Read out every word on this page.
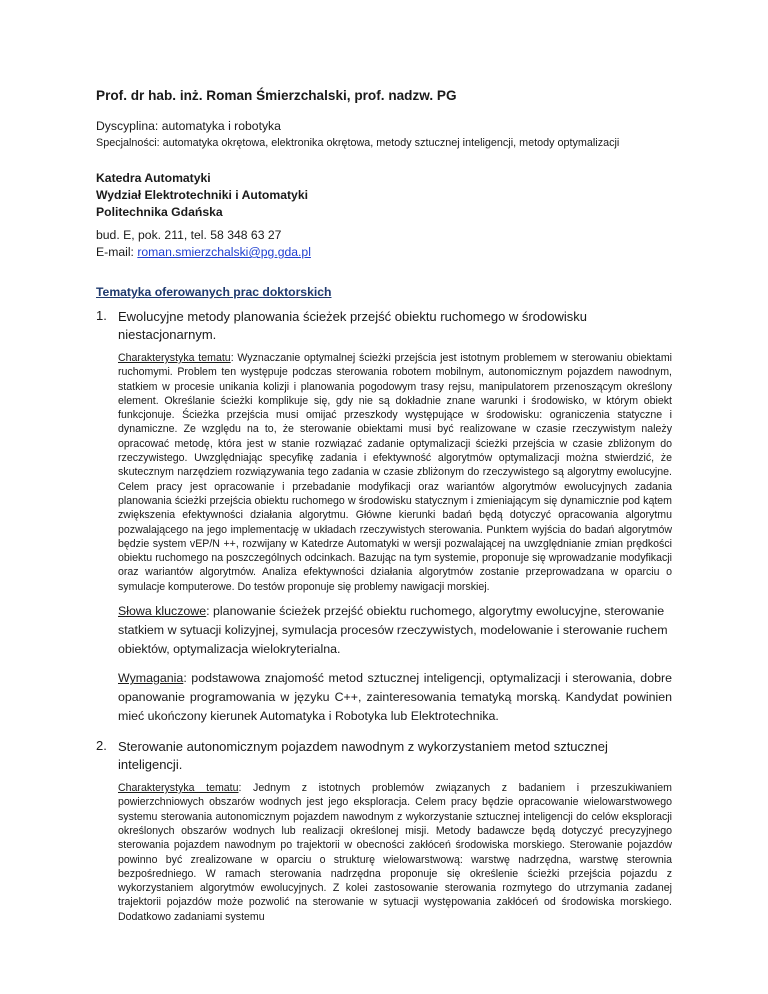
Prof. dr hab. inż. Roman Śmierzchalski, prof. nadzw. PG
Dyscyplina: automatyka i robotyka
Specjalności: automatyka okrętowa, elektronika okrętowa, metody sztucznej inteligencji, metody optymalizacji
Katedra Automatyki
Wydział Elektrotechniki i Automatyki
Politechnika Gdańska
bud. E, pok. 211, tel. 58 348 63 27
E-mail: roman.smierzchalski@pg.gda.pl
Tematyka oferowanych prac doktorskich
1. Ewolucyjne metody planowania ścieżek przejść obiektu ruchomego w środowisku niestacjonarnym.

Charakterystyka tematu: Wyznaczanie optymalnej ścieżki przejścia jest istotnym problemem w sterowaniu obiektami ruchomymi. Problem ten występuje podczas sterowania robotem mobilnym, autonomicznym pojazdem nawodnym, statkiem w procesie unikania kolizji i planowania pogodowym trasy rejsu, manipulatorem przenoszącym określony element. Określanie ścieżki komplikuje się, gdy nie są dokładnie znane warunki i środowisko, w którym obiekt funkcjonuje. Ścieżka przejścia musi omijać przeszkody występujące w środowisku: ograniczenia statyczne i dynamiczne. Ze względu na to, że sterowanie obiektami musi być realizowane w czasie rzeczywistym należy opracować metodę, która jest w stanie rozwiązać zadanie optymalizacji ścieżki przejścia w czasie zbliżonym do rzeczywistego. Uwzględniając specyfikę zadania i efektywność algorytmów optymalizacji można stwierdzić, że skutecznym narzędziem rozwiązywania tego zadania w czasie zbliżonym do rzeczywistego są algorytmy ewolucyjne. Celem pracy jest opracowanie i przebadanie modyfikacji oraz wariantów algorytmów ewolucyjnych zadania planowania ścieżki przejścia obiektu ruchomego w środowisku statycznym i zmieniającym się dynamicznie pod kątem zwiększenia efektywności działania algorytmu. Główne kierunki badań będą dotyczyć opracowania algorytmu pozwalającego na jego implementację w układach rzeczywistych sterowania. Punktem wyjścia do badań algorytmów będzie system vEP/N ++, rozwijany w Katedrze Automatyki w wersji pozwalającej na uwzględnianie zmian prędkości obiektu ruchomego na poszczególnych odcinkach. Bazując na tym systemie, proponuje się wprowadzanie modyfikacji oraz wariantów algorytmów. Analiza efektywności działania algorytmów zostanie przeprowadzana w oparciu o symulacje komputerowe. Do testów proponuje się problemy nawigacji morskiej.

Słowa kluczowe: planowanie ścieżek przejść obiektu ruchomego, algorytmy ewolucyjne, sterowanie statkiem w sytuacji kolizyjnej, symulacja procesów rzeczywistych, modelowanie i sterowanie ruchem obiektów, optymalizacja wielokryterialna.

Wymagania: podstawowa znajomość metod sztucznej inteligencji, optymalizacji i sterowania, dobre opanowanie programowania w języku C++, zainteresowania tematyką morską. Kandydat powinien mieć ukończony kierunek Automatyka i Robotyka lub Elektrotechnika.

2. Sterowanie autonomicznym pojazdem nawodnym z wykorzystaniem metod sztucznej inteligencji.

Charakterystyka tematu: Jednym z istotnych problemów związanych z badaniem i przeszukiwaniem powierzchniowych obszarów wodnych jest jego eksploracja. Celem pracy będzie opracowanie wielowarstwowego systemu sterowania autonomicznym pojazdem nawodnym z wykorzystanie sztucznej inteligencji do celów eksploracji określonych obszarów wodnych lub realizacji określonej misji. Metody badawcze będą dotyczyć precyzyjnego sterowania pojazdem nawodnym po trajektorii w obecności zakłóceń środowiska morskiego. Sterowanie pojazdów powinno być zrealizowane w oparciu o strukturę wielowarstwową: warstwę nadrzędna, warstwę sterownia bezpośredniego. W ramach sterowania nadrzędna proponuje się określenie ścieżki przejścia pojazdu z wykorzystaniem algorytmów ewolucyjnych. Z kolei zastosowanie sterowania rozmytego do utrzymania zadanej trajektorii pojazdów może pozwolić na sterowanie w sytuacji występowania zakłóceń od środowiska morskiego. Dodatkowo zadaniami systemu
